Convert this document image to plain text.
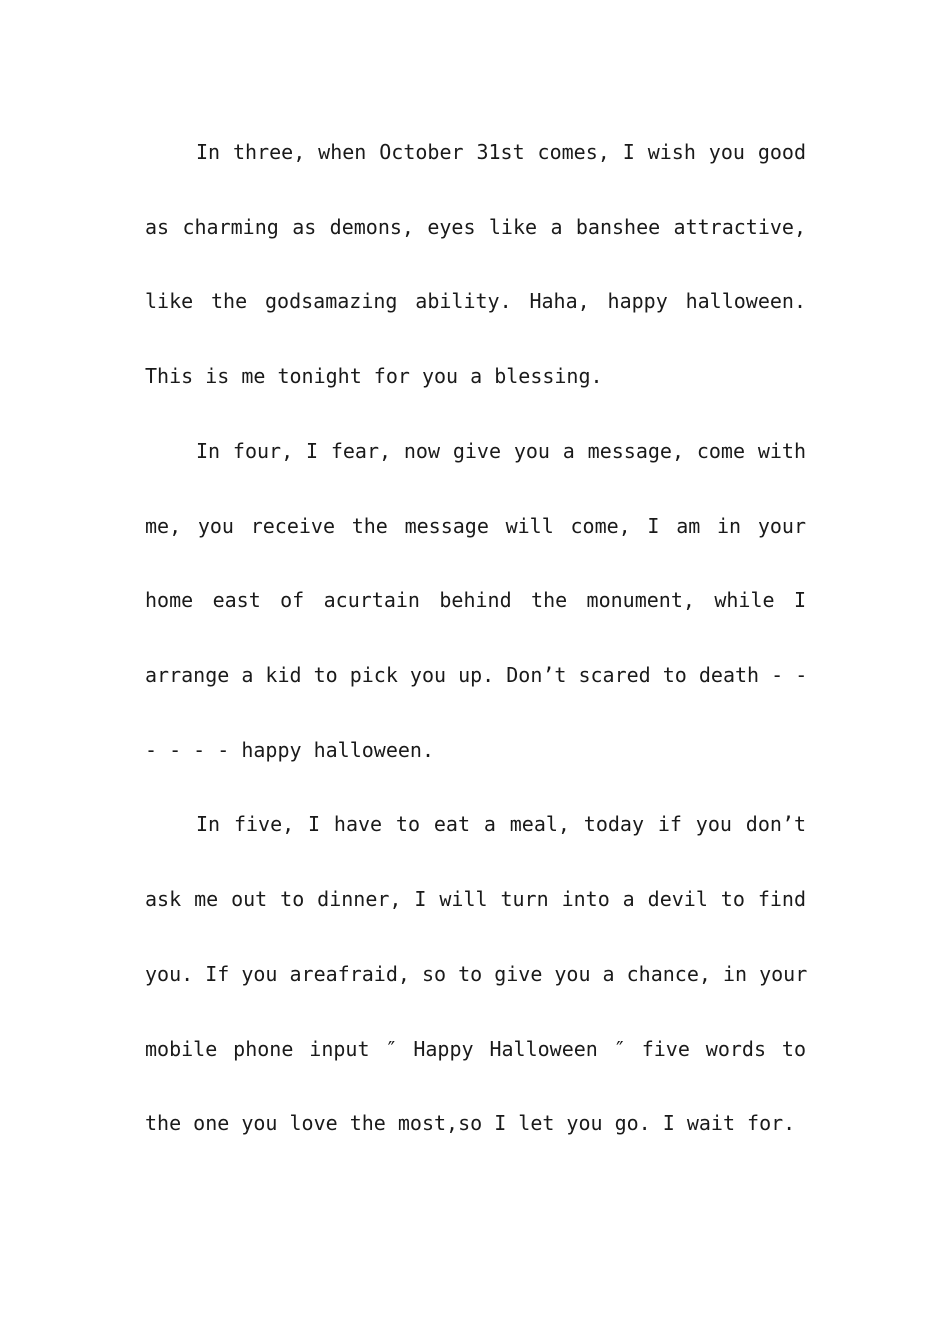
In three, when October 31st comes, I wish you good
as charming as demons, eyes like a banshee attractive,
like the godsamazing ability. Haha, happy halloween.
This is me tonight for you a blessing.
In four, I fear, now give you a message, come with
me, you receive the message will come, I am in your
home east of acurtain behind the monument, while I
arrange a kid to pick you up. Don’t scared to death - -
- - - - happy halloween.
In five, I have to eat a meal, today if you don’t
ask me out to dinner, I will turn into a devil to find
you. If you areafraid, so to give you a chance, in your
mobile phone input ″ Happy Halloween ″ five words to
the one you love the most,so I let you go. I wait for.
